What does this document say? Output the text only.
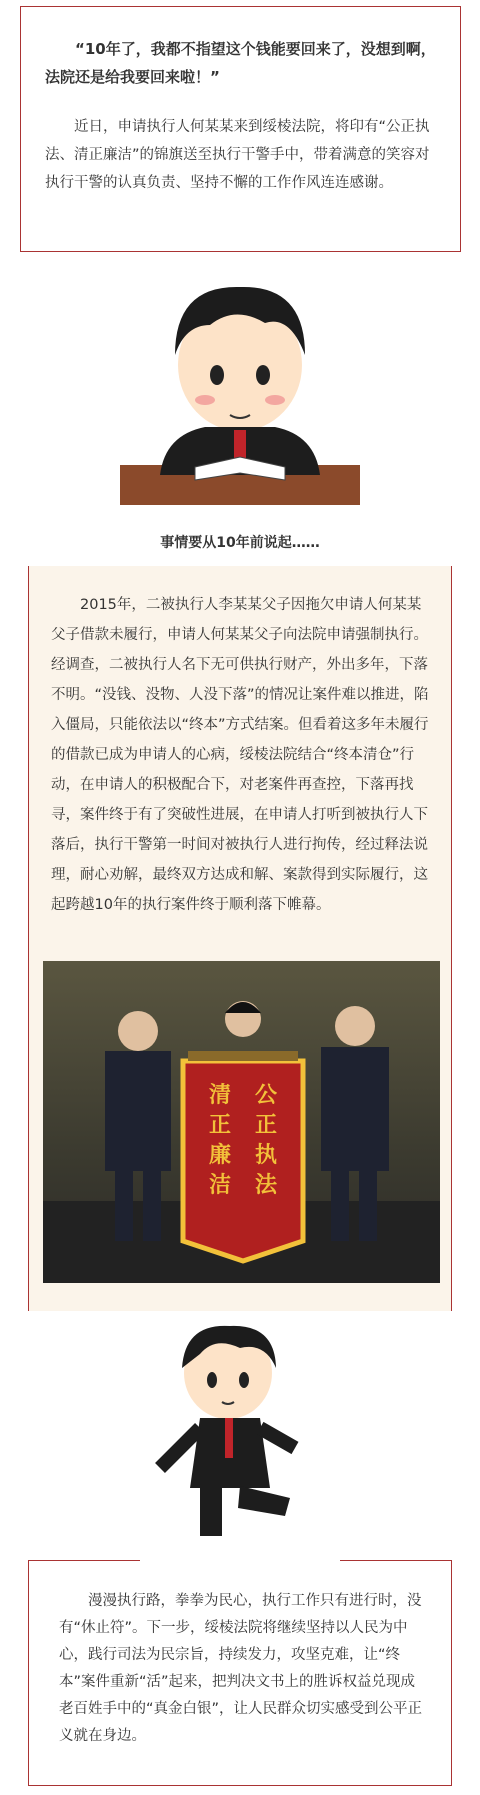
“10年了，我都不指望这个钱能要回来了，没想到啊，法院还是给我要回来啦！”

近日，申请执行人何某某来到绥棱法院，将印有“公正执法、清正廉洁”的锦旗送至执行干警手中，带着满意的笑容对执行干警的认真负责、坚持不懈的工作作风连连感谢。

事情要从10年前说起……

2015年，二被执行人李某某父子因拖欠申请人何某某父子借款未履行，申请人何某某父子向法院申请强制执行。经调查，二被执行人名下无可供执行财产，外出多年，下落不明。“没钱、没物、人没下落”的情况让案件难以推进，陷入僵局，只能依法以“终本”方式结案。但看着这多年未履行的借款已成为申请人的心病，绥棱法院结合“终本清仓”行动，在申请人的积极配合下，对老案件再查控，下落再找寻，案件终于有了突破性进展，在申请人打听到被执行人下落后，执行干警第一时间对被执行人进行拘传，经过释法说理，耐心劝解，最终双方达成和解、案款得到实际履行，这起跨越10年的执行案件终于顺利落下帷幕。

公正执法
清正廉洁

漫漫执行路，拳拳为民心，执行工作只有进行时，没有“休止符”。下一步，绥棱法院将继续坚持以人民为中心，践行司法为民宗旨，持续发力，攻坚克难，让“终本”案件重新“活”起来，把判决文书上的胜诉权益兑现成老百姓手中的“真金白银”，让人民群众切实感受到公平正义就在身边。
